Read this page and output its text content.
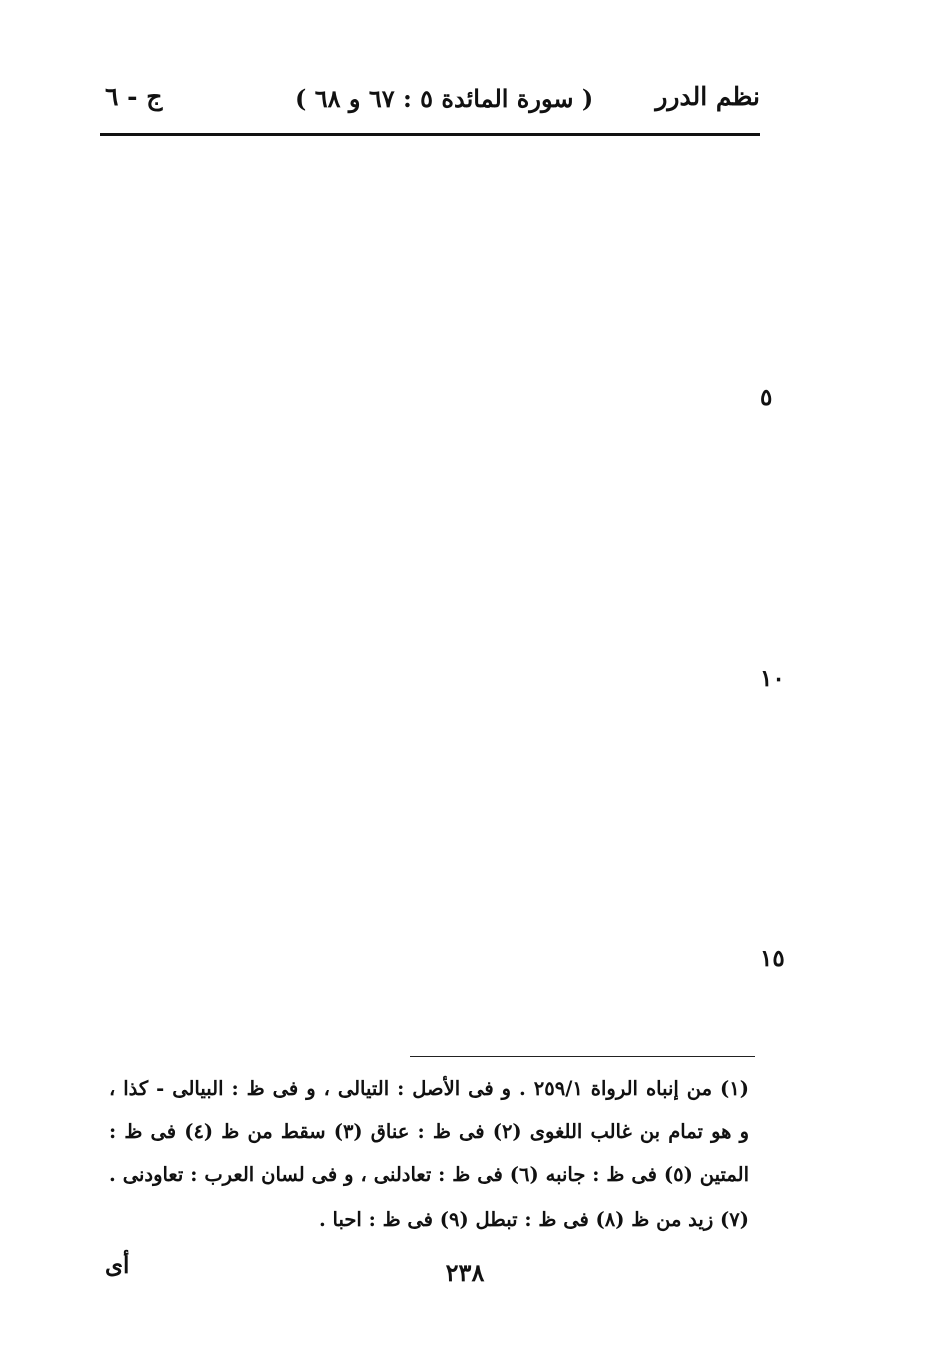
نظم الدرر
( سورة المائدة ٥ : ٦٧ و ٦٨ )
ج - ٦
٥
١٠
١٥
(١) من إنباه الرواة ٢٥٩/١ . و فى الأصل : التيالى ، و فى ظ : البيالى - كذا ،
و هو تمام بن غالب اللغوى (٢) فى ظ : عناق (٣) سقط من ظ (٤) فى ظ :
المتين (٥) فى ظ : جانبه (٦) فى ظ : تعادلنى ، و فى لسان العرب : تعاودنى .
(٧) زيد من ظ (٨) فى ظ : تبطل (٩) فى ظ : احبا .
أى	٢٣٨
